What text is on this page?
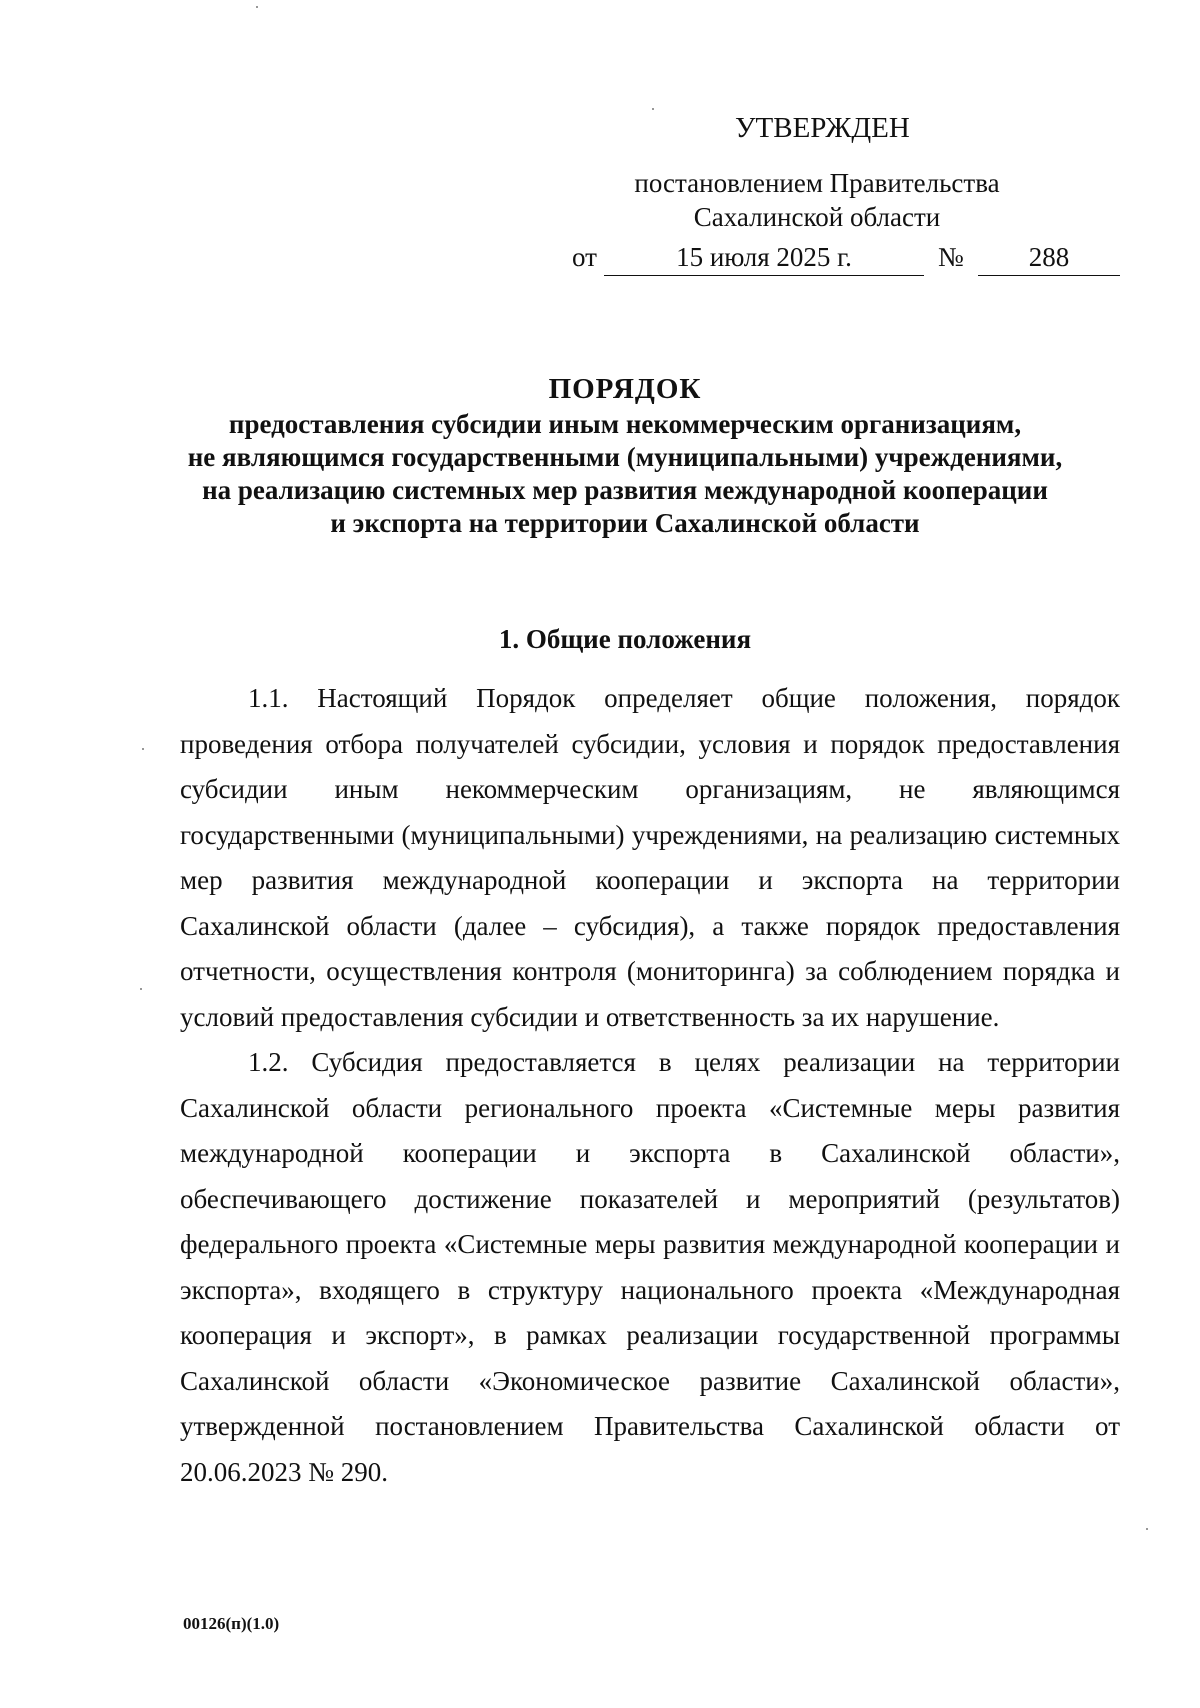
УТВЕРЖДЕН
постановлением Правительства
Сахалинской области
от	15 июля 2025 г.	№	288
ПОРЯДОК
предоставления субсидии иным некоммерческим организациям,
не являющимся государственными (муниципальными) учреждениями,
на реализацию системных мер развития международной кооперации
и экспорта на территории Сахалинской области
1. Общие положения

1.1. Настоящий Порядок определяет общие положения, порядок проведения отбора получателей субсидии, условия и порядок предоставления субсидии иным некоммерческим организациям, не являющимся государственными (муниципальными) учреждениями, на реализацию системных мер развития международной кооперации и экспорта на территории Сахалинской области (далее – субсидия), а также порядок предоставления отчетности, осуществления контроля (мониторинга) за соблюдением порядка и условий предоставления субсидии и ответственность за их нарушение.

1.2. Субсидия предоставляется в целях реализации на территории Сахалинской области регионального проекта «Системные меры развития международной кооперации и экспорта в Сахалинской области», обеспечивающего достижение показателей и мероприятий (результатов) федерального проекта «Системные меры развития международной кооперации и экспорта», входящего в структуру национального проекта «Международная кооперация и экспорт», в рамках реализации государственной программы Сахалинской области «Экономическое развитие Сахалинской области», утвержденной постановлением Правительства Сахалинской области от 20.06.2023 № 290.

00126(п)(1.0)
